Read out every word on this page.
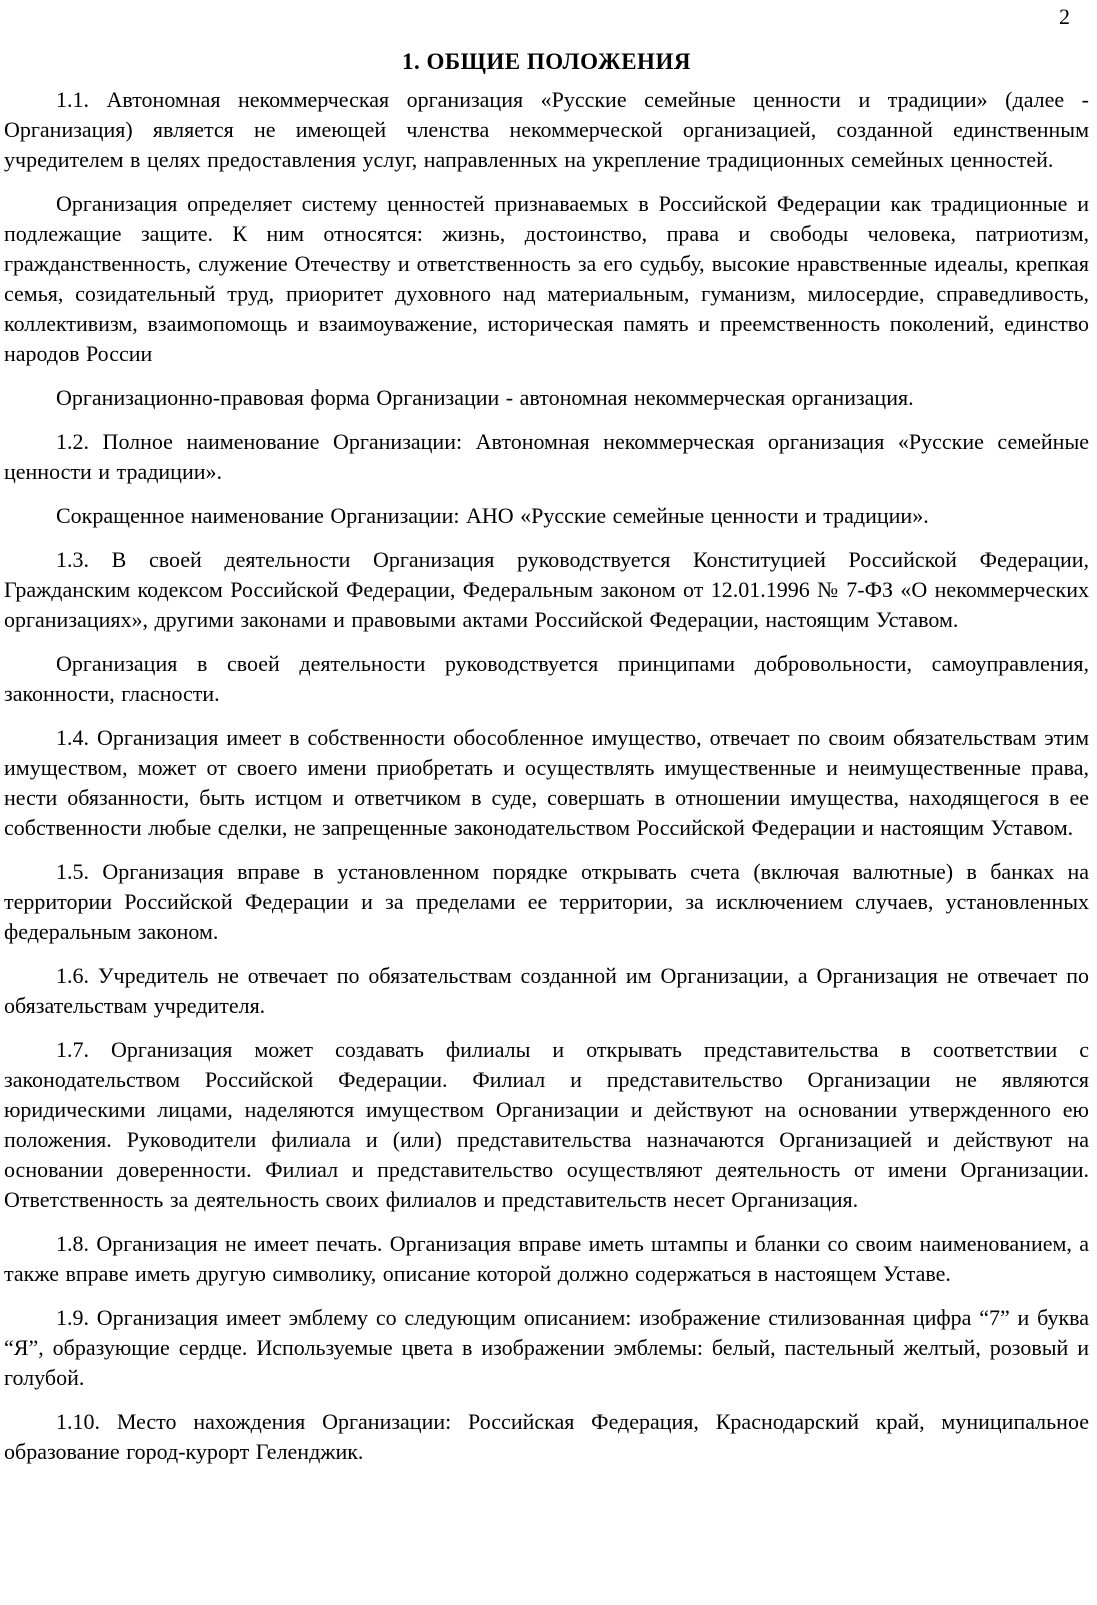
2
1. ОБЩИЕ ПОЛОЖЕНИЯ

1.1. Автономная некоммерческая организация «Русские семейные ценности и традиции» (далее - Организация) является не имеющей членства некоммерческой организацией, созданной единственным учредителем в целях предоставления услуг, направленных на укрепление традиционных семейных ценностей.

Организация определяет систему ценностей признаваемых в Российской Федерации как традиционные и подлежащие защите. К ним относятся: жизнь, достоинство, права и свободы человека, патриотизм, гражданственность, служение Отечеству и ответственность за его судьбу, высокие нравственные идеалы, крепкая семья, созидательный труд, приоритет духовного над материальным, гуманизм, милосердие, справедливость, коллективизм, взаимопомощь и взаимоуважение, историческая память и преемственность поколений, единство народов России

Организационно-правовая форма Организации - автономная некоммерческая организация.

1.2. Полное наименование Организации: Автономная некоммерческая организация «Русские семейные ценности и традиции».

Сокращенное наименование Организации: АНО «Русские семейные ценности и традиции».

1.3. В своей деятельности Организация руководствуется Конституцией Российской Федерации, Гражданским кодексом Российской Федерации, Федеральным законом от 12.01.1996 № 7-ФЗ «О некоммерческих организациях», другими законами и правовыми актами Российской Федерации, настоящим Уставом.

Организация в своей деятельности руководствуется принципами добровольности, самоуправления, законности, гласности.

1.4. Организация имеет в собственности обособленное имущество, отвечает по своим обязательствам этим имуществом, может от своего имени приобретать и осуществлять имущественные и неимущественные права, нести обязанности, быть истцом и ответчиком в суде, совершать в отношении имущества, находящегося в ее собственности любые сделки, не запрещенные законодательством Российской Федерации и настоящим Уставом.

1.5. Организация вправе в установленном порядке открывать счета (включая валютные) в банках на территории Российской Федерации и за пределами ее территории, за исключением случаев, установленных федеральным законом.

1.6. Учредитель не отвечает по обязательствам созданной им Организации, а Организация не отвечает по обязательствам учредителя.

1.7. Организация может создавать филиалы и открывать представительства в соответствии с законодательством Российской Федерации. Филиал и представительство Организации не являются юридическими лицами, наделяются имуществом Организации и действуют на основании утвержденного ею положения. Руководители филиала и (или) представительства назначаются Организацией и действуют на основании доверенности. Филиал и представительство осуществляют деятельность от имени Организации. Ответственность за деятельность своих филиалов и представительств несет Организация.

1.8. Организация не имеет печать. Организация вправе иметь штампы и бланки со своим наименованием, а также вправе иметь другую символику, описание которой должно содержаться в настоящем Уставе.

1.9. Организация имеет эмблему со следующим описанием: изображение стилизованная цифра “7” и буква “Я”, образующие сердце. Используемые цвета в изображении эмблемы: белый, пастельный желтый, розовый и голубой.

1.10. Место нахождения Организации: Российская Федерация, Краснодарский край, муниципальное образование город-курорт Геленджик.
